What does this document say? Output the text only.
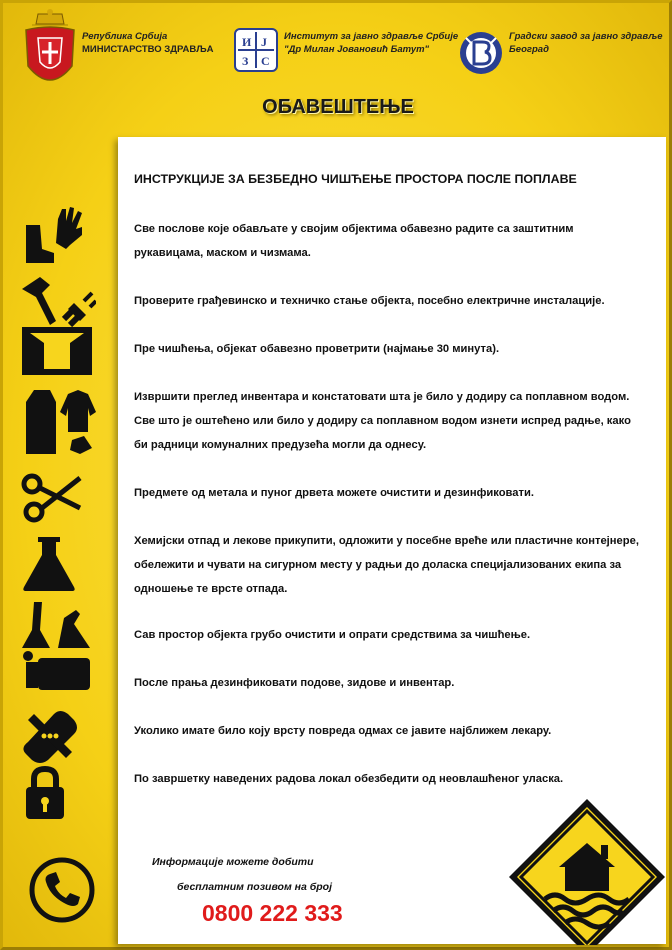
Република Србија
МИНИСТАРСТВО ЗДРАВЉА
И Ј
З С
Институт за јавно здравље Србије
"Др Милан Јовановић Батут"
Градски завод за јавно здравље
Београд
ОБАВЕШТЕЊЕ
ИНСТРУКЦИЈЕ ЗА БЕЗБЕДНО ЧИШЋЕЊЕ ПРОСТОРА ПОСЛЕ ПОПЛАВЕ
Све послове које обављате у својим објектима обавезно радите са заштитним рукавицама, маском и чизмама.
Проверите грађевинско и техничко стање објекта, посебно електричне инсталације.
Пре чишћења, објекат обавезно проветрити (најмање 30 минута).
Извршити преглед инвентара и констатовати шта је било у додиру са поплавном водом. Све што је оштећено или било у додиру са поплавном водом изнети испред радње, како би радници комуналних предузећа могли да однесу.
Предмете од метала и пуног дрвета можете очистити и дезинфиковати.
Хемијски отпад и лекове прикупити, одложити у посебне вреће или пластичне контејнере, обележити и чувати на сигурном месту у радњи до доласка специјализованих екипа за одношење те врсте отпада.
Сав простор објекта грубо очистити и опрати средствима за чишћење.
После прања дезинфиковати подове, зидове и инвентар.
Уколико имате било коју врсту повреда одмах се јавите најближем лекару.
По завршетку наведених радова локал обезбедити од неовлашћеног уласка.
Информације можете добити
бесплатним позивом на број
0800 222 333
